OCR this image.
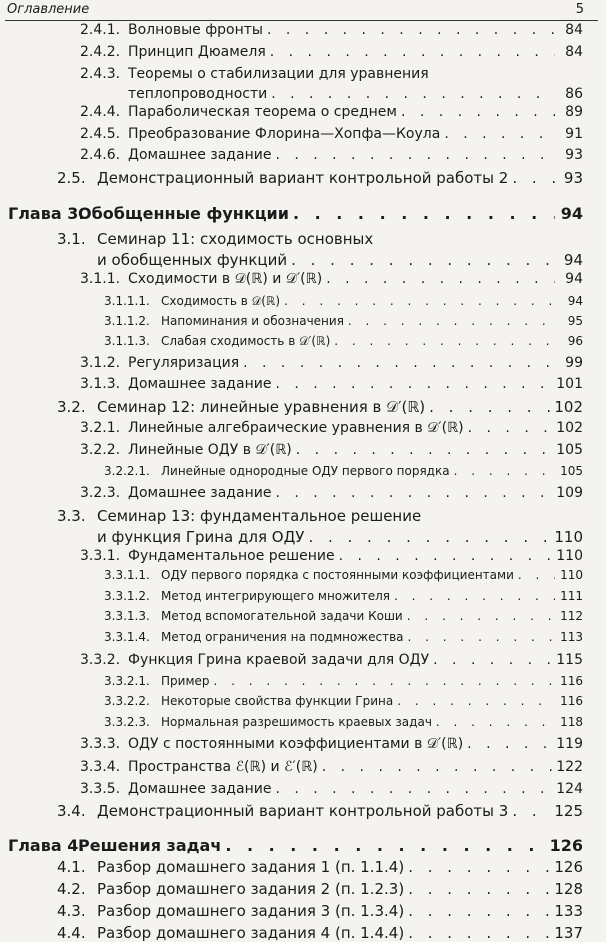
Оглавление	5
2.4.1. Волновые фронты . . .	84
2.4.2. Принцип Дюамеля . . .	84
2.4.3. Теоремы о стабилизации для уравнения
теплопроводности . . .	86
2.4.4. Параболическая теорема о среднем . . .	89
2.4.5. Преобразование Флорина—Хопфа—Коула . . .	91
2.4.6. Домашнее задание . . .	93
2.5. Демонстрационный вариант контрольной работы 2 . . .	93
Глава 3.
Обобщенные функции . . .	94
3.1. Семинар 11: сходимость основных
и обобщенных функций . . .	94
3.1.1. Сходимости в 𝒟(ℝ) и 𝒟′(ℝ) . . .	94
3.1.1.1. Сходимость в 𝒟(ℝ) . . .	94
3.1.1.2. Напоминания и обозначения . . .	95
3.1.1.3. Слабая сходимость в 𝒟′(ℝ) . . .	96
3.1.2. Регуляризация . . .	99
3.1.3. Домашнее задание . . .	101
3.2. Семинар 12: линейные уравнения в 𝒟′(ℝ) . . .	102
3.2.1. Линейные алгебраические уравнения в 𝒟′(ℝ) . . .	102
3.2.2. Линейные ОДУ в 𝒟′(ℝ) . . .	105
3.2.2.1. Линейные однородные ОДУ первого порядка . . .	105
3.2.3. Домашнее задание . . .	109
3.3. Семинар 13: фундаментальное решение
и функция Грина для ОДУ . . .	110
3.3.1. Фундаментальное решение . . .	110
3.3.1.1. ОДУ первого порядка с постоянными коэффициентами . . .	110
3.3.1.2. Метод интегрирующего множителя . . .	111
3.3.1.3. Метод вспомогательной задачи Коши . . .	112
3.3.1.4. Метод ограничения на подмножества . . .	113
3.3.2. Функция Грина краевой задачи для ОДУ . . .	115
3.3.2.1. Пример . . .	116
3.3.2.2. Некоторые свойства функции Грина . . .	116
3.3.2.3. Нормальная разрешимость краевых задач . . .	118
3.3.3. ОДУ с постоянными коэффициентами в 𝒟′(ℝ) . . .	119
3.3.4. Пространства ℰ(ℝ) и ℰ′(ℝ) . . .	122
3.3.5. Домашнее задание . . .	124
3.4. Демонстрационный вариант контрольной работы 3 . . .	125
Глава 4.
Решения задач . . .	126
4.1. Разбор домашнего задания 1 (п. 1.1.4) . . .	126
4.2. Разбор домашнего задания 2 (п. 1.2.3) . . .	128
4.3. Разбор домашнего задания 3 (п. 1.3.4) . . .	133
4.4. Разбор домашнего задания 4 (п. 1.4.4) . . .	137
